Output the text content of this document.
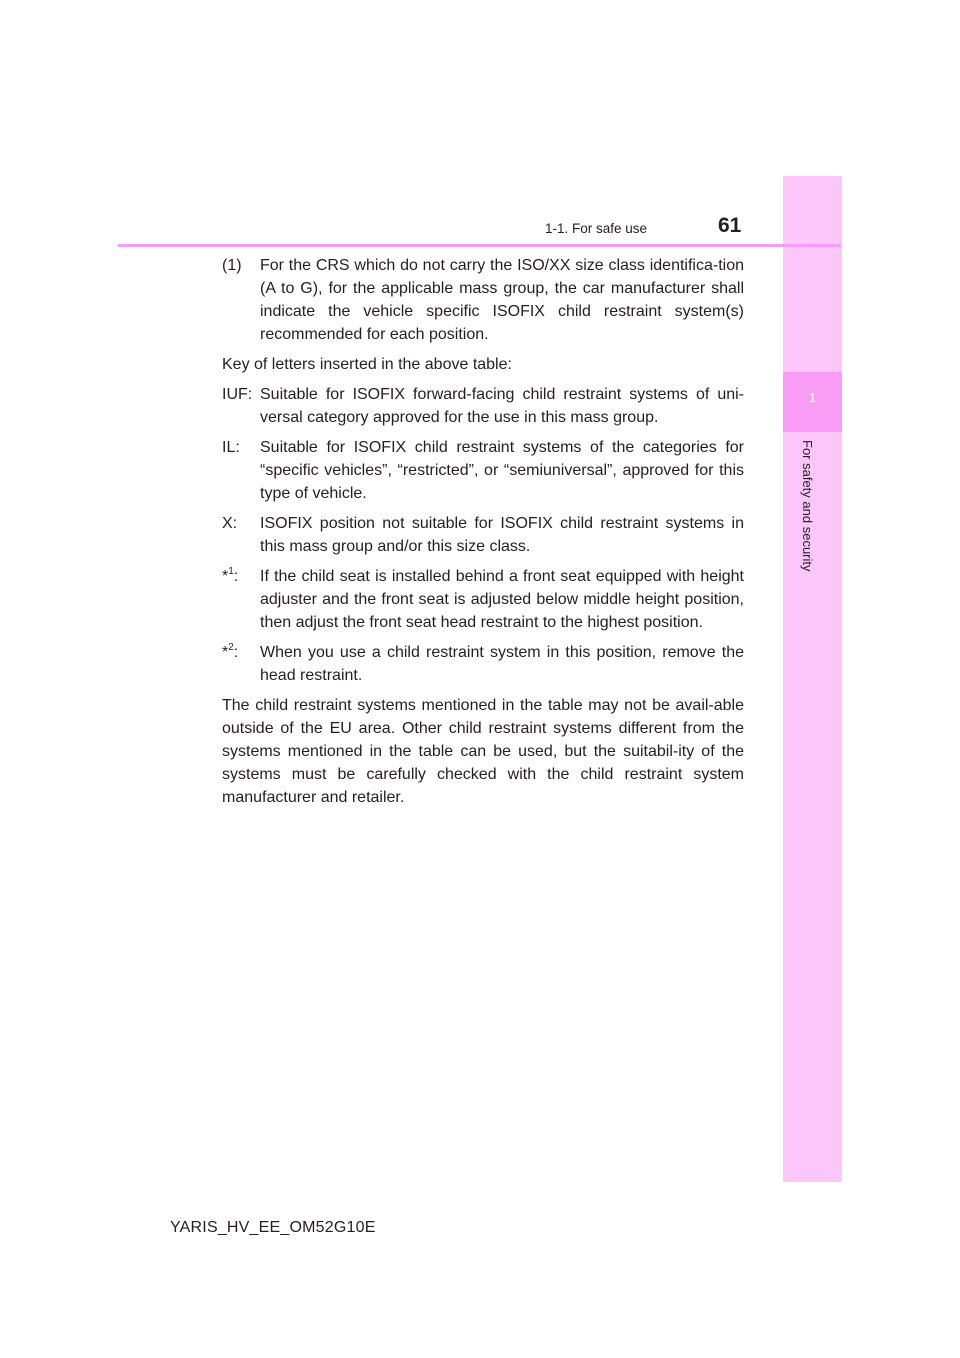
1
For safety and security
1-1. For safe use	61
(1) For the CRS which do not carry the ISO/XX size class identifica-tion (A to G), for the applicable mass group, the car manufacturer shall indicate the vehicle specific ISOFIX child restraint system(s) recommended for each position.
Key of letters inserted in the above table:
IUF: Suitable for ISOFIX forward-facing child restraint systems of uni-versal category approved for the use in this mass group.
IL: Suitable for ISOFIX child restraint systems of the categories for “specific vehicles”, “restricted”, or “semiuniversal”, approved for this type of vehicle.
X: ISOFIX position not suitable for ISOFIX child restraint systems in this mass group and/or this size class.
*$^1$: If the child seat is installed behind a front seat equipped with height adjuster and the front seat is adjusted below middle height position, then adjust the front seat head restraint to the highest position.
*$^2$: When you use a child restraint system in this position, remove the head restraint.
The child restraint systems mentioned in the table may not be avail-able outside of the EU area. Other child restraint systems different from the systems mentioned in the table can be used, but the suitabil-ity of the systems must be carefully checked with the child restraint system manufacturer and retailer.
YARIS_HV_EE_OM52G10E
